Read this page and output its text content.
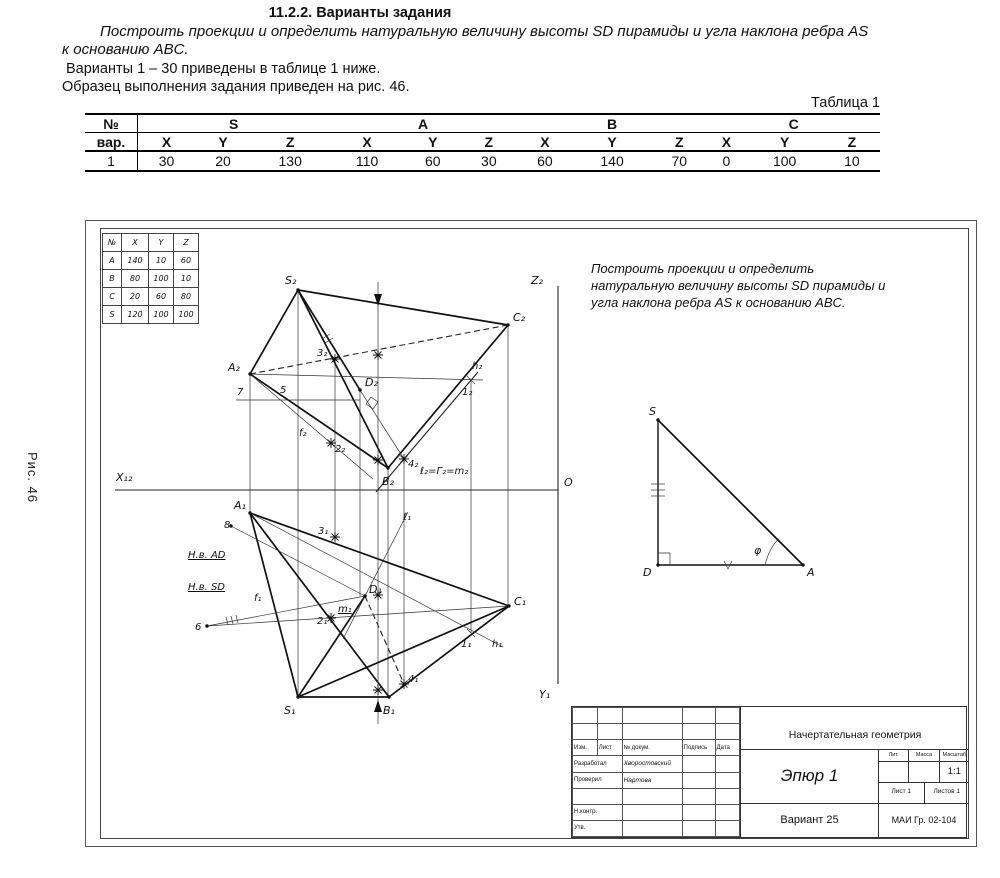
11.2.2. Варианты задания
Построить проекции и определить натуральную величину высоты SD пирамиды и угла наклона ребра AS к основанию ABC.
Варианты 1 – 30 приведены в таблице 1 ниже.
Образец выполнения задания приведен на рис. 46.
Таблица 1
№	S			A			B			C		
вар.	X	Y	Z	X	Y	Z	X	Y	Z	X	Y	Z
1	30	20	130	110	60	30	60	140	70	0	100	10
Рис. 46
S₂
C₂
A₂
B₂
D₂
3₂
h₂
1₂
7	5
f₂
2₂
4₂
ℓ₂=Γ₂=m₂
Z₂
X₁₂	O
Y₁
A₁
8
3₁
ℓ₁
Н.в. AD
Н.в. SD
f₁
2₁
m₁
6
D₁
C₁
1₁ h₁
S₁	B₁
4₁
S
D	A
φ
№	X	Y	Z
A	140	10	60
B	80	100	10
C	20	60	80
S	120	100	100
Построить проекции и определить натуральную величину высоты SD пирамиды и угла наклона ребра AS к основанию ABC.

Изм.	Лист	№ докум.	Подпись	Дата
Разработал		Хворостовский		
Проверил		Нартова		

Н.контр.				
Утв.				
Начертательная геометрия
Эпюр 1
Лит.	Масса	Масштаб
1:1
Лист 1	Листов 1
Вариант 25	МАИ Гр. 02-104
